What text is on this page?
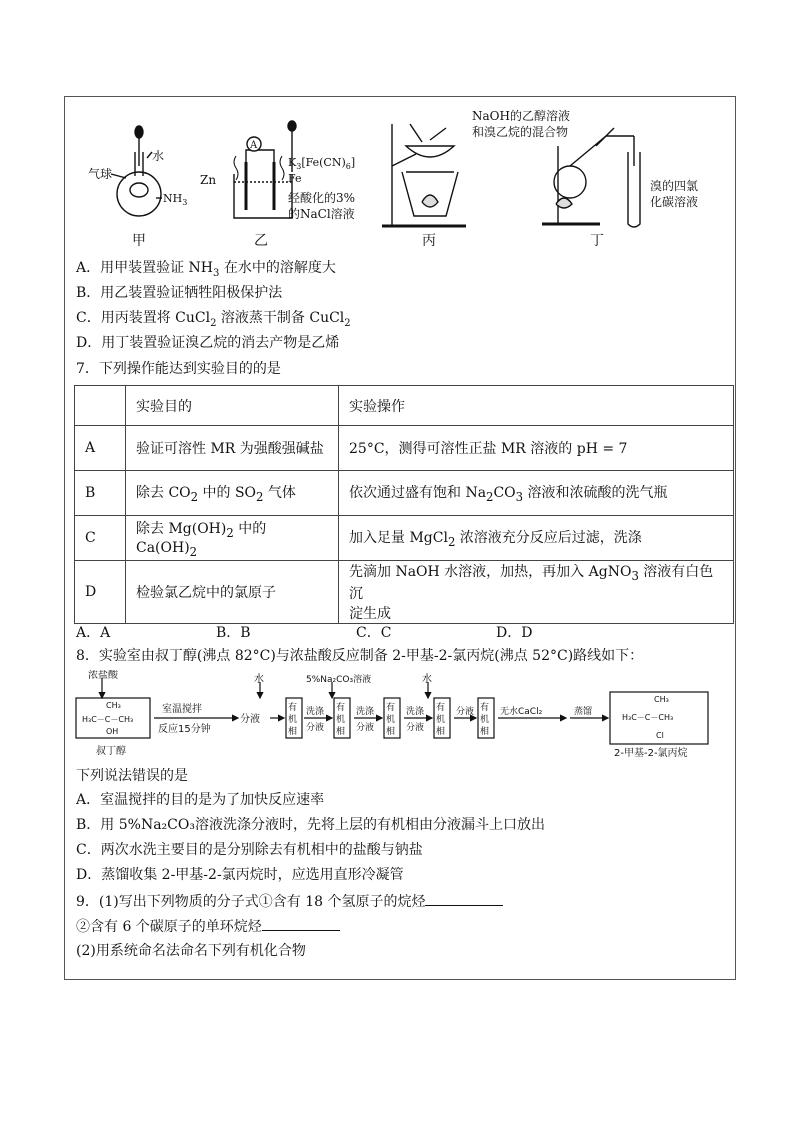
水
气球
$NH_3$
甲
A
$K_3[Fe(CN)_6]$
Fe
Zn
经酸化的3%
的NaCl溶液
乙	丙
NaOH的乙醇溶液
和溴乙烷的混合物
溴的四氯
化碳溶液
丁
A．用甲装置验证 $NH_3$ 在水中的溶解度大
B．用乙装置验证牺牲阳极保护法
C．用丙装置将 CuCl$_2$ 溶液蒸干制备 CuCl$_2$
D．用丁装置验证溴乙烷的消去产物是乙烯
7．下列操作能达到实验目的的是
	实验目的	实验操作
A	验证可溶性 MR 为强酸强碱盐	25°C，测得可溶性正盐 MR 溶液的 pH = 7
B	除去 $CO_2$ 中的 $SO_2$ 气体	依次通过盛有饱和 $Na_2CO_3$ 溶液和浓硫酸的洗气瓶
C	除去 $Mg(OH)_2$ 中的 $Ca(OH)_2$	加入足量 MgCl$_2$ 浓溶液充分反应后过滤，洗涤
D	检验氯乙烷中的氯原子	先滴加 NaOH 水溶液，加热，再加入 AgNO$_3$ 溶液有白色沉
淀生成
A．A	B．B	C．C	D．D
8．实验室由叔丁醇(沸点 82°C)与浓盐酸反应制备 2-甲基-2-氯丙烷(沸点 52°C)路线如下：
浓盐酸
CH₃
H₃C－C－CH₃
OH
叔丁醇
室温搅拌
反应15分钟
分液
水
有
机
相
洗涤
分液
5%Na₂CO₃溶液
有
机
相
洗涤
分液
有
机
相
水
洗涤
分液
有
机
相
分液 有
机
相
无水CaCl₂	蒸馏
CH₃
H₃C－C－CH₃
Cl
2-甲基-2-氯丙烷
下列说法错误的是
A．室温搅拌的目的是为了加快反应速率
B．用 5%Na₂CO₃溶液洗涤分液时，先将上层的有机相由分液漏斗上口放出
C．两次水洗主要目的是分别除去有机相中的盐酸与钠盐
D．蒸馏收集 2-甲基-2-氯丙烷时，应选用直形冷凝管
9．(1)写出下列物质的分子式①含有 18 个氢原子的烷烃
②含有 6 个碳原子的单环烷烃
(2)用系统命名法命名下列有机化合物
